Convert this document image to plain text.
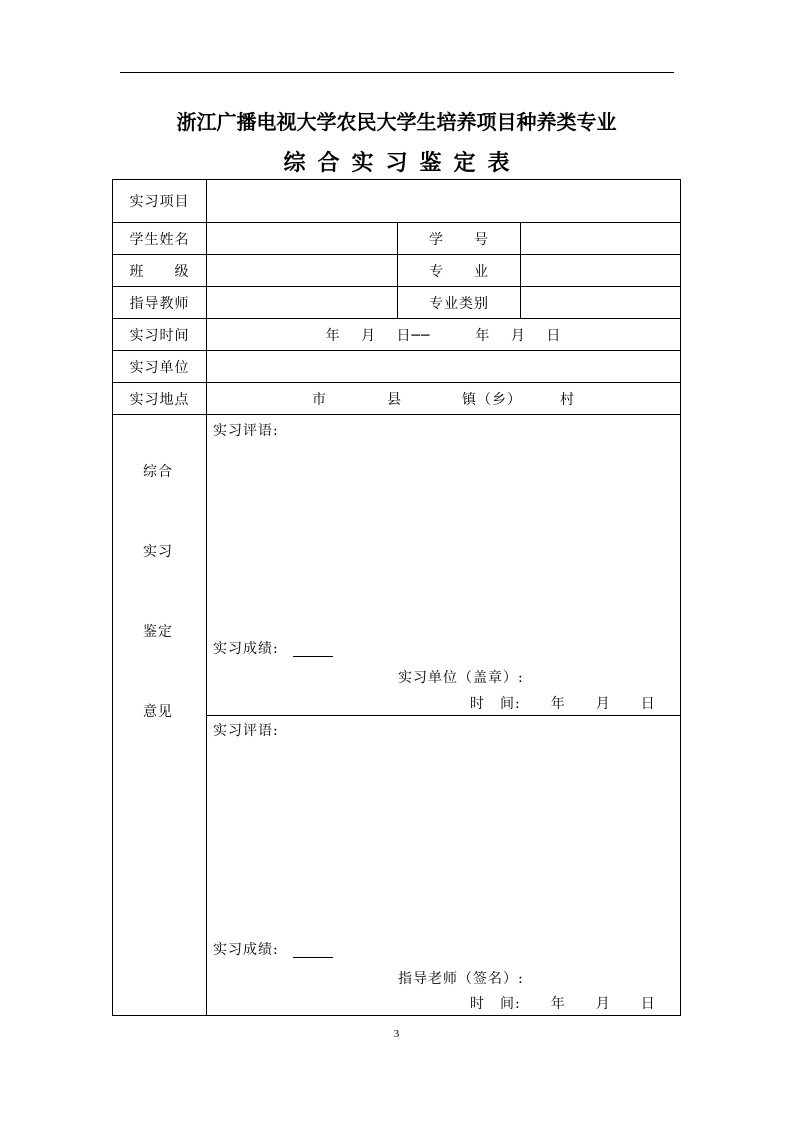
浙江广播电视大学农民大学生培养项目种养类专业
综合实习鉴定表
实习项目
学生姓名	学　　号
班　　级	专　　业
指导教师	专业类别
实习时间	年　 月　 日──　　　年　 月　 日
实习单位
实习地点	市　　　　县　　　　镇（乡）　　　村
综合
实习
鉴定
意见
实习评语:
实习成绩:
实习单位（盖章）:
时　间:　　年　　月　　日
实习评语:
实习成绩:
指导老师（签名）:
时　间:　　年　　月　　日
3
